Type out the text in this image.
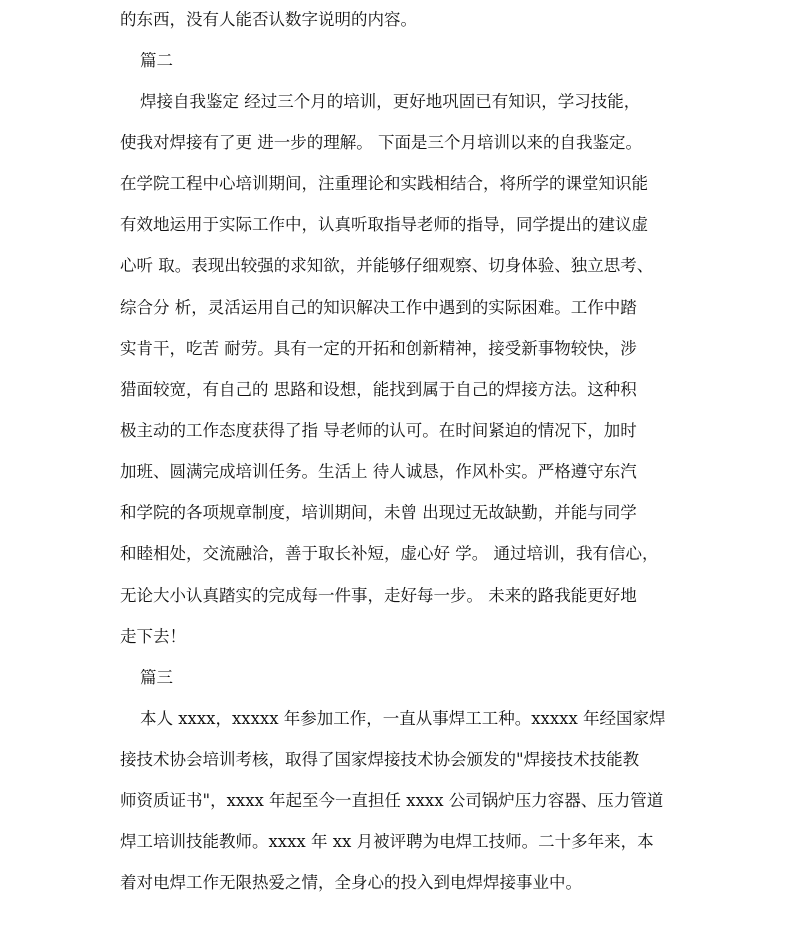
的东西，没有人能否认数字说明的内容。
篇二
焊接自我鉴定 经过三个月的培训，更好地巩固已有知识，学习技能，
使我对焊接有了更 进一步的理解。 下面是三个月培训以来的自我鉴定。
在学院工程中心培训期间，注重理论和实践相结合，将所学的课堂知识能
有效地运用于实际工作中，认真听取指导老师的指导，同学提出的建议虚
心听 取。表现出较强的求知欲，并能够仔细观察、切身体验、独立思考、
综合分 析，灵活运用自己的知识解决工作中遇到的实际困难。工作中踏
实肯干，吃苦 耐劳。具有一定的开拓和创新精神，接受新事物较快，涉
猎面较宽，有自己的 思路和设想，能找到属于自己的焊接方法。这种积
极主动的工作态度获得了指 导老师的认可。在时间紧迫的情况下，加时
加班、圆满完成培训任务。生活上 待人诚恳，作风朴实。严格遵守东汽
和学院的各项规章制度，培训期间，未曾 出现过无故缺勤，并能与同学
和睦相处，交流融洽，善于取长补短，虚心好 学。 通过培训，我有信心，
无论大小认真踏实的完成每一件事，走好每一步。 未来的路我能更好地
走下去！
篇三
本人 xxxx，xxxxx 年参加工作，一直从事焊工工种。xxxxx 年经国家焊
接技术协会培训考核，取得了国家焊接技术协会颁发的"焊接技术技能教
师资质证书"，xxxx 年起至今一直担任 xxxx 公司锅炉压力容器、压力管道
焊工培训技能教师。xxxx 年 xx 月被评聘为电焊工技师。二十多年来，本
着对电焊工作无限热爱之情，全身心的投入到电焊焊接事业中。
